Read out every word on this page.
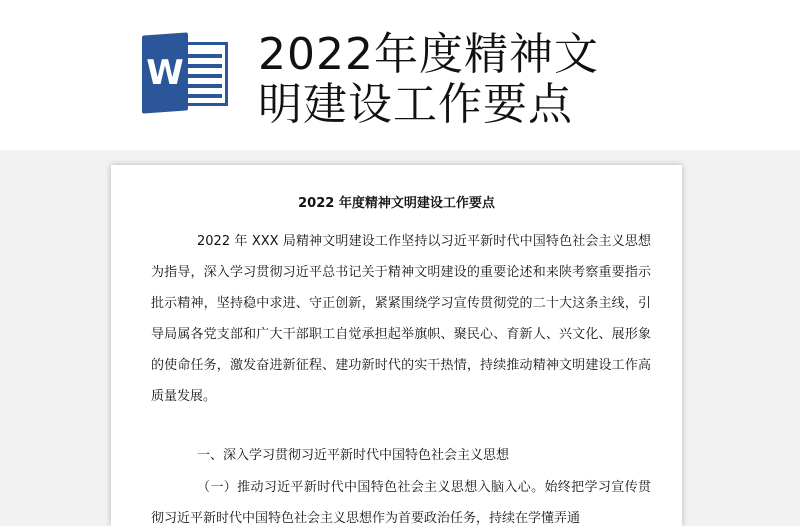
W 2022年度精神文明建设工作要点
2022 年度精神文明建设工作要点
2022 年 XXX 局精神文明建设工作坚持以习近平新时代中国特色社会主义思想为指导，深入学习贯彻习近平总书记关于精神文明建设的重要论述和来陕考察重要指示批示精神，坚持稳中求进、守正创新，紧紧围绕学习宣传贯彻党的二十大这条主线，引导局属各党支部和广大干部职工自觉承担起举旗帜、聚民心、育新人、兴文化、展形象的使命任务，激发奋进新征程、建功新时代的实干热情，持续推动精神文明建设工作高质量发展。
一、深入学习贯彻习近平新时代中国特色社会主义思想
（一）推动习近平新时代中国特色社会主义思想入脑入心。始终把学习宣传贯彻习近平新时代中国特色社会主义思想作为首要政治任务，持续在学懂弄通
